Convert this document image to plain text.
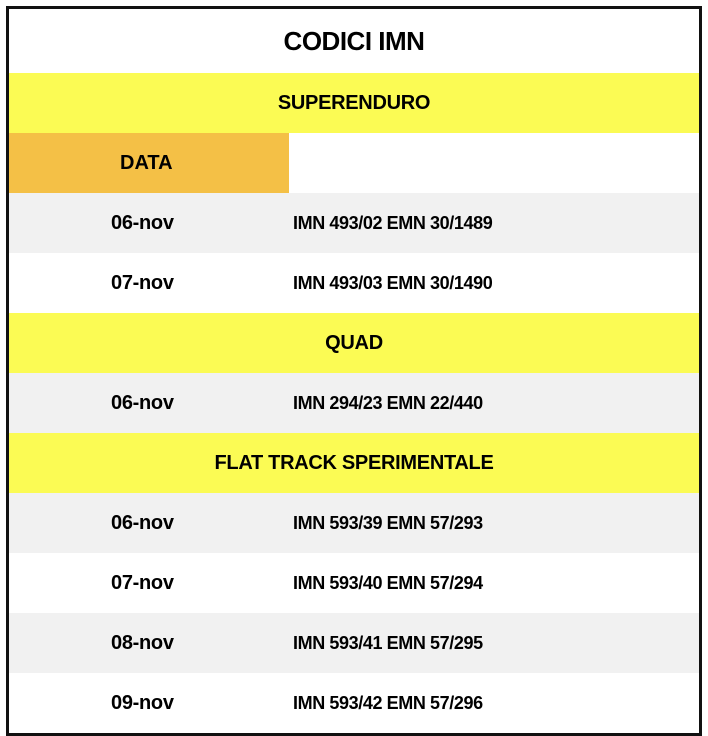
CODICI IMN
SUPERENDURO
DATA
06-nov	IMN 493/02 EMN 30/1489
07-nov	IMN 493/03 EMN 30/1490
QUAD
06-nov	IMN 294/23 EMN 22/440
FLAT TRACK SPERIMENTALE
06-nov	IMN 593/39 EMN 57/293
07-nov	IMN 593/40 EMN 57/294
08-nov	IMN 593/41 EMN 57/295
09-nov	IMN 593/42 EMN 57/296
